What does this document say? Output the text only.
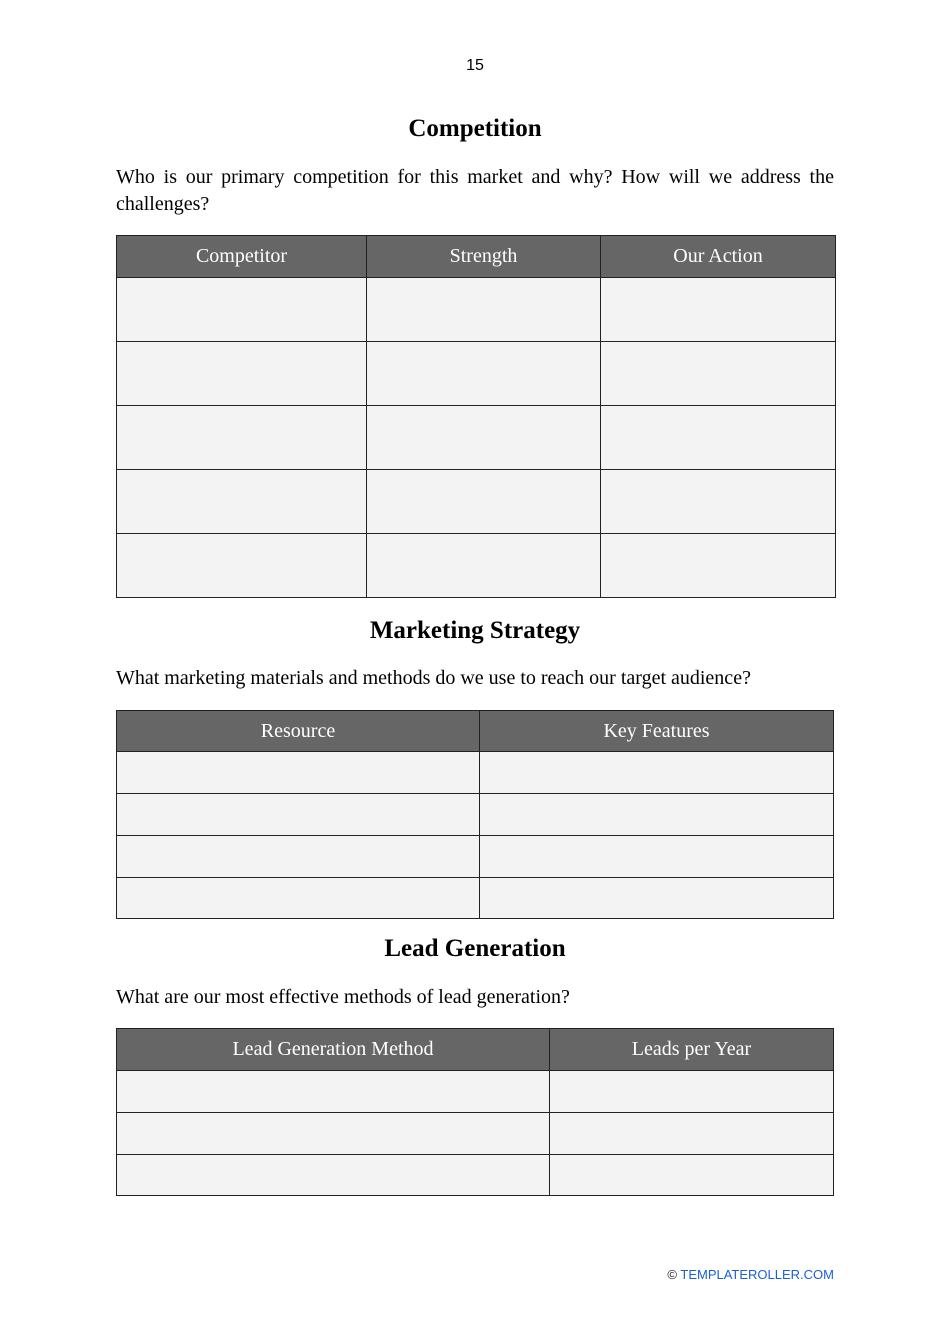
15
Competition

Who is our primary competition for this market and why? How will we address the challenges?

Competitor	Strength	Our Action

Marketing Strategy

What marketing materials and methods do we use to reach our target audience?

Resource	Key Features

Lead Generation

What are our most effective methods of lead generation?

Lead Generation Method	Leads per Year

© TEMPLATEROLLER.COM
